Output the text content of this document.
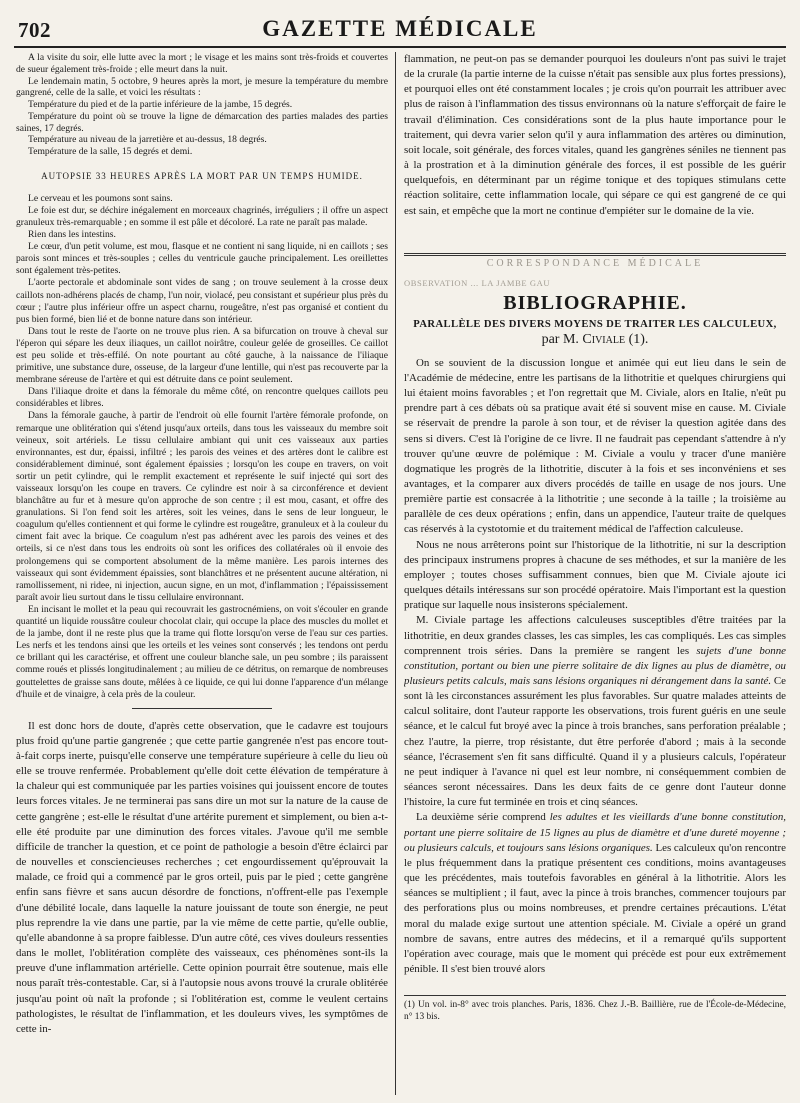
702	GAZETTE MÉDICALE

A la visite du soir, elle lutte avec la mort ; le visage et les mains sont très-froids et couvertes de sueur également très-froide ; elle meurt dans la nuit.

Le lendemain matin, 5 octobre, 9 heures après la mort, je mesure la température du membre gangrené, celle de la salle, et voici les résultats :

Température du pied et de la partie inférieure de la jambe, 15 degrés.

Température du point où se trouve la ligne de démarcation des parties malades des parties saines, 17 degrés.

Température au niveau de la jarretière et au-dessus, 18 degrés.

Température de la salle, 15 degrés et demi.

AUTOPSIE 33 HEURES APRÈS LA MORT PAR UN TEMPS HUMIDE.

Le cerveau et les poumons sont sains.

Le foie est dur, se déchire inégalement en morceaux chagrinés, irréguliers ; il offre un aspect granuleux très-remarquable ; en somme il est pâle et décoloré. La rate ne paraît pas malade.

Rien dans les intestins.

Le cœur, d'un petit volume, est mou, flasque et ne contient ni sang liquide, ni en caillots ; ses parois sont minces et très-souples ; celles du ventricule gauche principalement. Les oreillettes sont également très-petites.

L'aorte pectorale et abdominale sont vides de sang ; on trouve seulement à la crosse deux caillots non-adhérens placés de champ, l'un noir, violacé, peu consistant et supérieur plus près du cœur ; l'autre plus inférieur offre un aspect charnu, rougeâtre, n'est pas organisé et contient du pus bien formé, bien lié et de bonne nature dans son intérieur.

Dans tout le reste de l'aorte on ne trouve plus rien. A sa bifurcation on trouve à cheval sur l'éperon qui sépare les deux iliaques, un caillot noirâtre, couleur gelée de groseilles. Ce caillot est peu solide et très-effilé. On note pourtant au côté gauche, à la naissance de l'iliaque primitive, une substance dure, osseuse, de la largeur d'une lentille, qui n'est pas recouverte par la membrane séreuse de l'artère et qui est détruite dans ce point seulement.

Dans l'iliaque droite et dans la fémorale du même côté, on rencontre quelques caillots peu considérables et libres.

Dans la fémorale gauche, à partir de l'endroit où elle fournit l'artère fémorale profonde, on remarque une oblitération qui s'étend jusqu'aux orteils, dans tous les vaisseaux du membre soit veineux, soit artériels. Le tissu cellulaire ambiant qui unit ces vaisseaux aux parties environnantes, est dur, épaissi, infiltré ; les parois des veines et des artères dont le calibre est considérablement diminué, sont également épaissies ; lorsqu'on les coupe en travers, on voit sortir un petit cylindre, qui le remplit exactement et représente le suif injecté qui sort des vaisseaux lorsqu'on les coupe en travers. Ce cylindre est noir à sa circonférence et devient blanchâtre au fur et à mesure qu'on approche de son centre ; il est mou, casant, et offre des granulations. Si l'on fend soit les artères, soit les veines, dans le sens de leur longueur, le coagulum qu'elles contiennent et qui forme le cylindre est rougeâtre, granuleux et à la couleur du ciment fait avec la brique. Ce coagulum n'est pas adhérent avec les parois des veines et des orteils, si ce n'est dans tous les endroits où sont les orifices des collatérales où il envoie des prolongemens qui se comportent absolument de la même manière. Les parois internes des vaisseaux qui sont évidemment épaissies, sont blanchâtres et ne présentent aucune altération, ni ramollissement, ni ridee, ni injection, aucun signe, en un mot, d'inflammation ; l'épaississement paraît avoir lieu surtout dans le tissu cellulaire environnant.

En incisant le mollet et la peau qui recouvrait les gastrocnémiens, on voit s'écouler en grande quantité un liquide roussâtre couleur chocolat clair, qui occupe la place des muscles du mollet et de la jambe, dont il ne reste plus que la trame qui flotte lorsqu'on verse de l'eau sur ces parties. Les nerfs et les tendons ainsi que les orteils et les veines sont conservés ; les tendons ont perdu ce brillant qui les caractérise, et offrent une couleur blanche sale, un peu sombre ; ils paraissent comme roués et plissés longitudinalement ; au milieu de ce détritus, on remarque de nombreuses gouttelettes de graisse sans doute, mêlées à ce liquide, ce qui lui donne l'apparence d'un mélange d'huile et de vinaigre, à cela près de la couleur.

Il est donc hors de doute, d'après cette observation, que le cadavre est toujours plus froid qu'une partie gangrenée ; que cette partie gangrenée n'est pas encore tout-à-fait corps inerte, puisqu'elle conserve une température supérieure à celle du lieu où elle se trouve renfermée. Probablement qu'elle doit cette élévation de température à la chaleur qui est communiquée par les parties voisines qui jouissent encore de toutes leurs forces vitales. Je ne terminerai pas sans dire un mot sur la nature de la cause de cette gangrène ; est-elle le résultat d'une artérite purement et simplement, ou bien a-t-elle été produite par une diminution des forces vitales. J'avoue qu'il me semble difficile de trancher la question, et ce point de pathologie a besoin d'être éclairci par de nouvelles et consciencieuses recherches ; cet engourdissement qu'éprouvait la malade, ce froid qui a commencé par le gros orteil, puis par le pied ; cette gangrène enfin sans fièvre et sans aucun désordre de fonctions, n'offrent-elle pas l'exemple d'une débilité locale, dans laquelle la nature jouissant de toute son énergie, ne peut plus reprendre la vie dans une partie, par la vie même de cette partie, qu'elle oublie, qu'elle abandonne à sa propre faiblesse. D'un autre côté, ces vives douleurs ressenties dans le mollet, l'oblitération complète des vaisseaux, ces phénomènes sont-ils la preuve d'une inflammation artérielle. Cette opinion pourrait être soutenue, mais elle nous paraît très-contestable. Car, si à l'autopsie nous avons trouvé la crurale oblitérée jusqu'au point où naît la profonde ; si l'oblitération est, comme le veulent certains pathologistes, le résultat de l'inflammation, et les douleurs vives, les symptômes de cette in-

flammation, ne peut-on pas se demander pourquoi les douleurs n'ont pas suivi le trajet de la crurale (la partie interne de la cuisse n'était pas sensible aux plus fortes pressions), et pourquoi elles ont été constamment locales ; je crois qu'on pourrait les attribuer avec plus de raison à l'inflammation des tissus environnans où la nature s'efforçait de faire le travail d'élimination. Ces considérations sont de la plus haute importance pour le traitement, qui devra varier selon qu'il y aura inflammation des artères ou diminution, soit locale, soit générale, des forces vitales, quand les gangrènes séniles ne tiennent pas à la prostration et à la diminution générale des forces, il est possible de les guérir quelquefois, en déterminant par un régime tonique et des topiques stimulans cette réaction solitaire, cette inflammation locale, qui sépare ce qui est gangrené de ce qui est sain, et empêche que la mort ne continue d'empiéter sur le domaine de la vie.

CORRESPONDANCE MÉDICALE
OBSERVATION ... LA JAMBE GAU
BIBLIOGRAPHIE.
PARALLÈLE DES DIVERS MOYENS DE TRAITER LES CALCULEUX,
par M. Civiale (1).

On se souvient de la discussion longue et animée qui eut lieu dans le sein de l'Académie de médecine, entre les partisans de la lithotritie et quelques chirurgiens qui lui étaient moins favorables ; et l'on regrettait que M. Civiale, alors en Italie, n'eût pu prendre part à ces débats où sa pratique avait été si souvent mise en cause. M. Civiale se réservait de prendre la parole à son tour, et de réviser la question agitée dans des sens si divers. C'est là l'origine de ce livre. Il ne faudrait pas cependant s'attendre à n'y trouver qu'une œuvre de polémique : M. Civiale a voulu y tracer d'une manière dogmatique les progrès de la lithotritie, discuter à la fois et ses inconvéniens et ses avantages, et la comparer aux divers procédés de taille en usage de nos jours. Une première partie est consacrée à la lithotritie ; une seconde à la taille ; la troisième au parallèle de ces deux opérations ; enfin, dans un appendice, l'auteur traite de quelques cas réservés à la cystotomie et du traitement médical de l'affection calculeuse.

Nous ne nous arrêterons point sur l'historique de la lithotritie, ni sur la description des principaux instrumens propres à chacune de ses méthodes, et sur la manière de les employer ; toutes choses suffisamment connues, bien que M. Civiale ajoute ici quelques détails intéressans sur son procédé opératoire. Mais l'important est la question pratique sur laquelle nous insisterons spécialement.

M. Civiale partage les affections calculeuses susceptibles d'être traitées par la lithotritie, en deux grandes classes, les cas simples, les cas compliqués. Les cas simples comprennent trois séries. Dans la première se rangent les sujets d'une bonne constitution, portant ou bien une pierre solitaire de dix lignes au plus de diamètre, ou plusieurs petits calculs, mais sans lésions organiques ni dérangement dans la santé. Ce sont là les circonstances assurément les plus favorables. Sur quatre malades atteints de calcul solitaire, dont l'auteur rapporte les observations, trois furent guéris en une seule séance, et le calcul fut broyé avec la pince à trois branches, sans perforation préalable ; chez l'autre, la pierre, trop résistante, dut être perforée d'abord ; mais à la seconde séance, l'écrasement s'en fit sans difficulté. Quand il y a plusieurs calculs, l'opérateur ne peut indiquer à l'avance ni quel est leur nombre, ni conséquemment combien de séances seront nécessaires. Dans les deux faits de ce genre dont l'auteur donne l'histoire, la cure fut terminée en trois et cinq séances.

La deuxième série comprend les adultes et les vieillards d'une bonne constitution, portant une pierre solitaire de 15 lignes au plus de diamètre et d'une dureté moyenne ; ou plusieurs calculs, et toujours sans lésions organiques. Les calculeux qu'on rencontre le plus fréquemment dans la pratique présentent ces conditions, moins avantageuses que les précédentes, mais toutefois favorables en général à la lithotritie. Alors les séances se multiplient ; il faut, avec la pince à trois branches, commencer toujours par des perforations plus ou moins nombreuses, et prendre certaines précautions. L'état moral du malade exige surtout une attention spéciale. M. Civiale a opéré un grand nombre de savans, entre autres des médecins, et il a remarqué qu'ils supportent l'opération avec courage, mais que le moment qui précède est pour eux extrêmement pénible. Il s'est bien trouvé alors

(1) Un vol. in-8° avec trois planches. Paris, 1836. Chez J.-B. Baillière, rue de l'École-de-Médecine, n° 13 bis.
